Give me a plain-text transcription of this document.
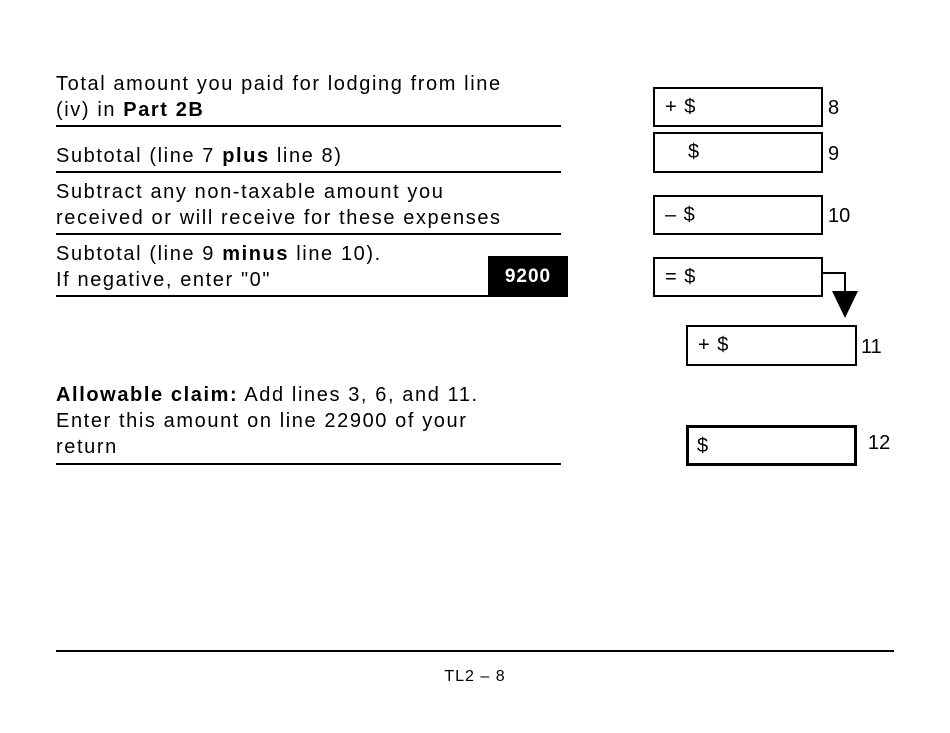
Total amount you paid for lodging from line
(iv) in Part 2B	+ $	8
Subtotal (line 7 plus line 8)	$	9
Subtract any non-taxable amount you
received or will receive for these expenses	– $	10
Subtotal (line 9 minus line 10).
If negative, enter "0"	9200	= $
+ $	11
Allowable claim: Add lines 3, 6, and 11.
Enter this amount on line 22900 of your
return	$	12
TL2 – 8
